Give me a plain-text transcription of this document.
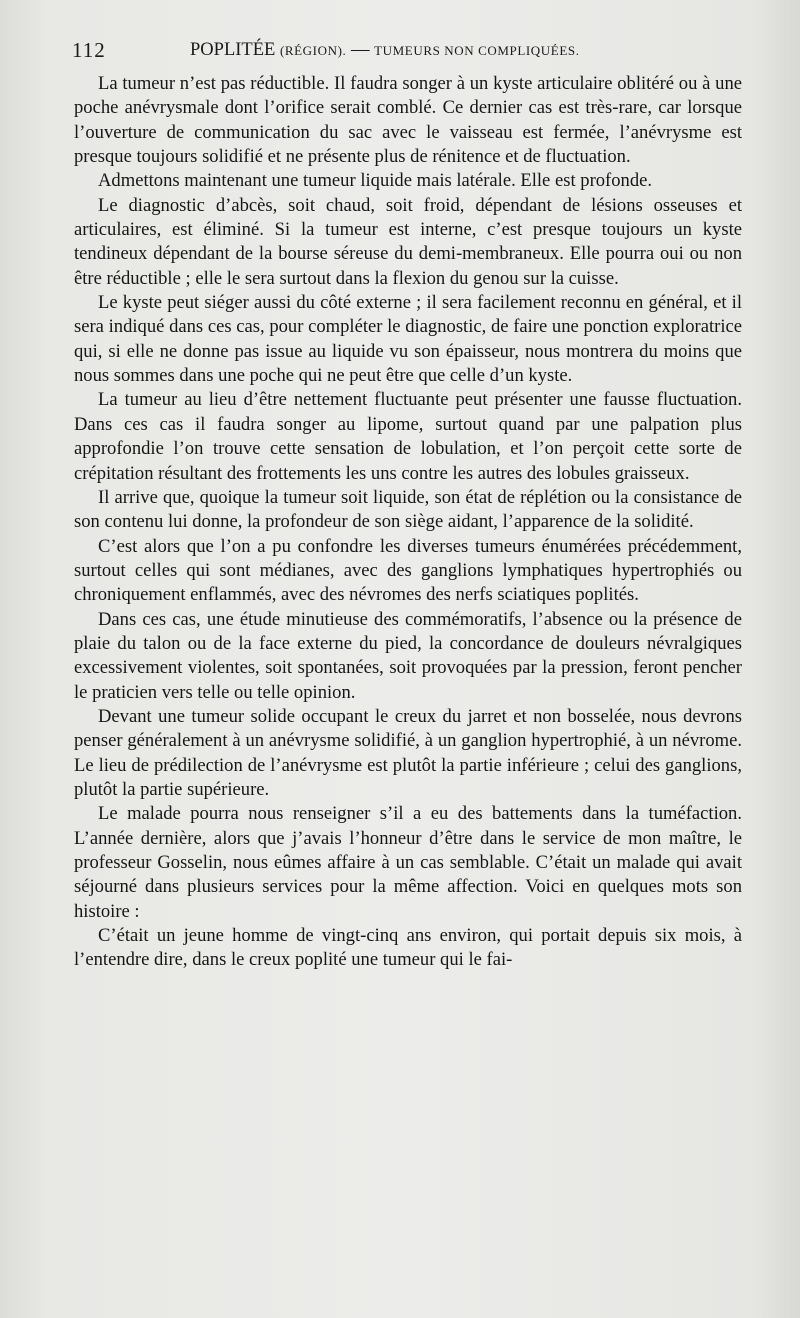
112	POPLITÉE (RÉGION). — TUMEURS NON COMPLIQUÉES.

La tumeur n’est pas réductible. Il faudra songer à un kyste articulaire oblitéré ou à une poche anévrysmale dont l’orifice serait comblé. Ce dernier cas est très-rare, car lorsque l’ouverture de communication du sac avec le vaisseau est fermée, l’anévrysme est presque toujours solidifié et ne présente plus de rénitence et de fluctuation.

Admettons maintenant une tumeur liquide mais latérale. Elle est profonde.

Le diagnostic d’abcès, soit chaud, soit froid, dépendant de lésions osseuses et articulaires, est éliminé. Si la tumeur est interne, c’est presque toujours un kyste tendineux dépendant de la bourse séreuse du demi-membraneux. Elle pourra oui ou non être réductible ; elle le sera surtout dans la flexion du genou sur la cuisse.

Le kyste peut siéger aussi du côté externe ; il sera facilement reconnu en général, et il sera indiqué dans ces cas, pour compléter le diagnostic, de faire une ponction exploratrice qui, si elle ne donne pas issue au liquide vu son épaisseur, nous montrera du moins que nous sommes dans une poche qui ne peut être que celle d’un kyste.

La tumeur au lieu d’être nettement fluctuante peut présenter une fausse fluctuation. Dans ces cas il faudra songer au lipome, surtout quand par une palpation plus approfondie l’on trouve cette sensation de lobulation, et l’on perçoit cette sorte de crépitation résultant des frottements les uns contre les autres des lobules graisseux.

Il arrive que, quoique la tumeur soit liquide, son état de réplétion ou la consistance de son contenu lui donne, la profondeur de son siège aidant, l’apparence de la solidité.

C’est alors que l’on a pu confondre les diverses tumeurs énumérées précédemment, surtout celles qui sont médianes, avec des ganglions lymphatiques hypertrophiés ou chroniquement enflammés, avec des névromes des nerfs sciatiques poplités.

Dans ces cas, une étude minutieuse des commémoratifs, l’absence ou la présence de plaie du talon ou de la face externe du pied, la concordance de douleurs névralgiques excessivement violentes, soit spontanées, soit provoquées par la pression, feront pencher le praticien vers telle ou telle opinion.

Devant une tumeur solide occupant le creux du jarret et non bosselée, nous devrons penser généralement à un anévrysme solidifié, à un ganglion hypertrophié, à un névrome. Le lieu de prédilection de l’anévrysme est plutôt la partie inférieure ; celui des ganglions, plutôt la partie supérieure.

Le malade pourra nous renseigner s’il a eu des battements dans la tuméfaction. L’année dernière, alors que j’avais l’honneur d’être dans le service de mon maître, le professeur Gosselin, nous eûmes affaire à un cas semblable. C’était un malade qui avait séjourné dans plusieurs services pour la même affection. Voici en quelques mots son histoire :

C’était un jeune homme de vingt-cinq ans environ, qui portait depuis six mois, à l’entendre dire, dans le creux poplité une tumeur qui le fai-
